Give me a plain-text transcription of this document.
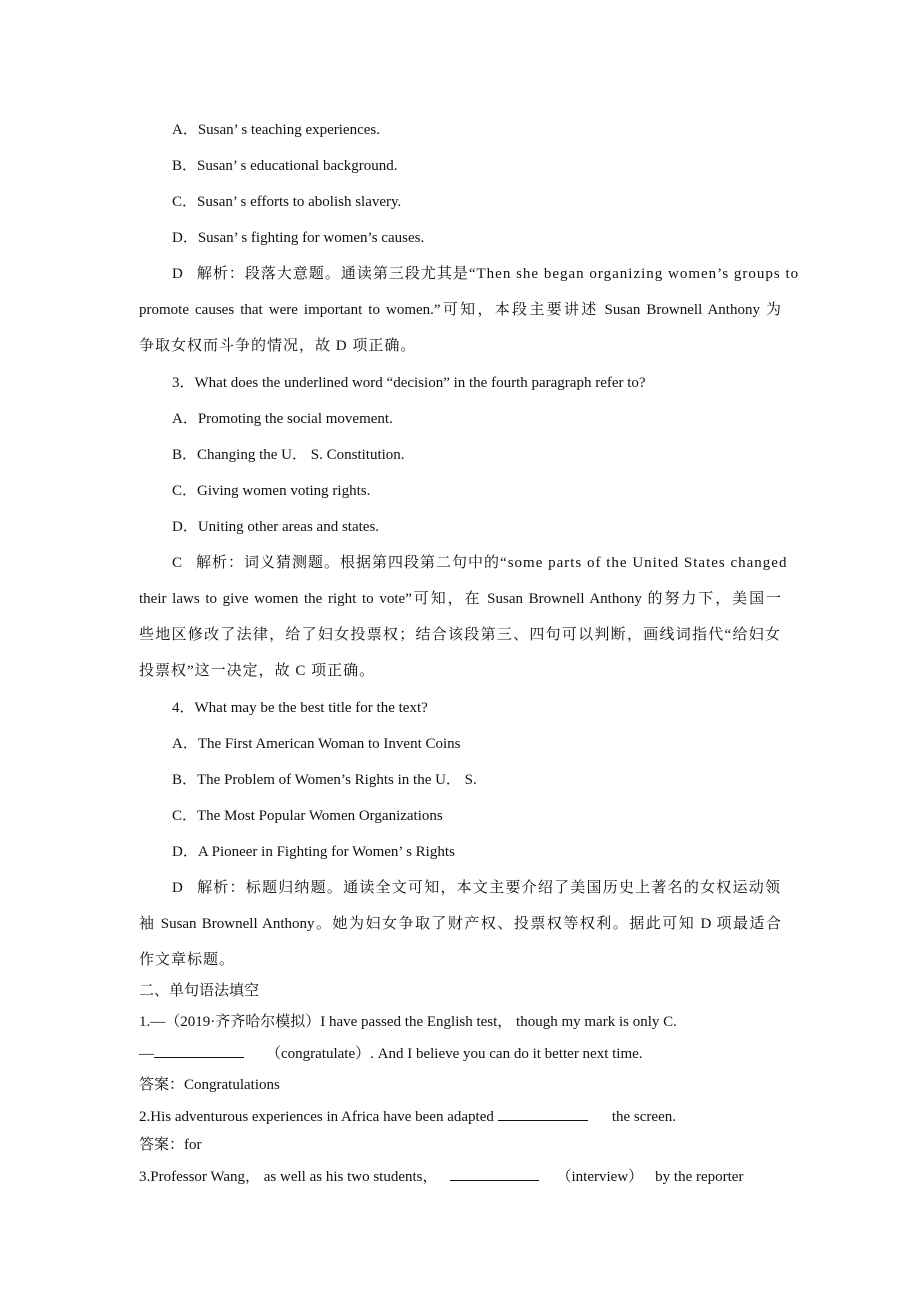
A．Susan’ s teaching experiences.
B．Susan’ s educational background.
C．Susan’ s efforts to abolish slavery.
D．Susan’ s fighting for women’s causes.
D 解析：段落大意题。通读第三段尤其是“Then she began organizing women’s groups to
promote causes that were important to women.”可知，本段主要讲述 Susan Brownell Anthony 为
争取女权而斗争的情况，故 D 项正确。
3．What does the underlined word “decision” in the fourth paragraph refer to?
A．Promoting the social movement.
B．Changing the U． S. Constitution.
C．Giving women voting rights.
D．Uniting other areas and states.
C 解析：词义猜测题。根据第四段第二句中的“some parts of the United States changed
their laws to give women the right to vote”可知，在 Susan Brownell Anthony 的努力下，美国一
些地区修改了法律，给了妇女投票权；结合该段第三、四句可以判断，画线词指代“给妇女
投票权”这一决定，故 C 项正确。
4．What may be the best title for the text?
A．The First American Woman to Invent Coins
B．The Problem of Women’s Rights in the U． S.
C．The Most Popular Women Organizations
D．A Pioneer in Fighting for Women’ s Rights
D 解析：标题归纳题。通读全文可知，本文主要介绍了美国历史上著名的女权运动领
袖 Susan Brownell Anthony。她为妇女争取了财产权、投票权等权利。据此可知 D 项最适合
作文章标题。
二、单句语法填空
1.—（2019·齐齐哈尔模拟）I have passed the English test， though my mark is only C.
—	（congratulate）. And I believe you can do it better next time.
答案：Congratulations
2.His adventurous experiences in Africa have been adapted	the screen.
答案：for
3.Professor Wang， as well as his two students，	（interview） by the reporter
